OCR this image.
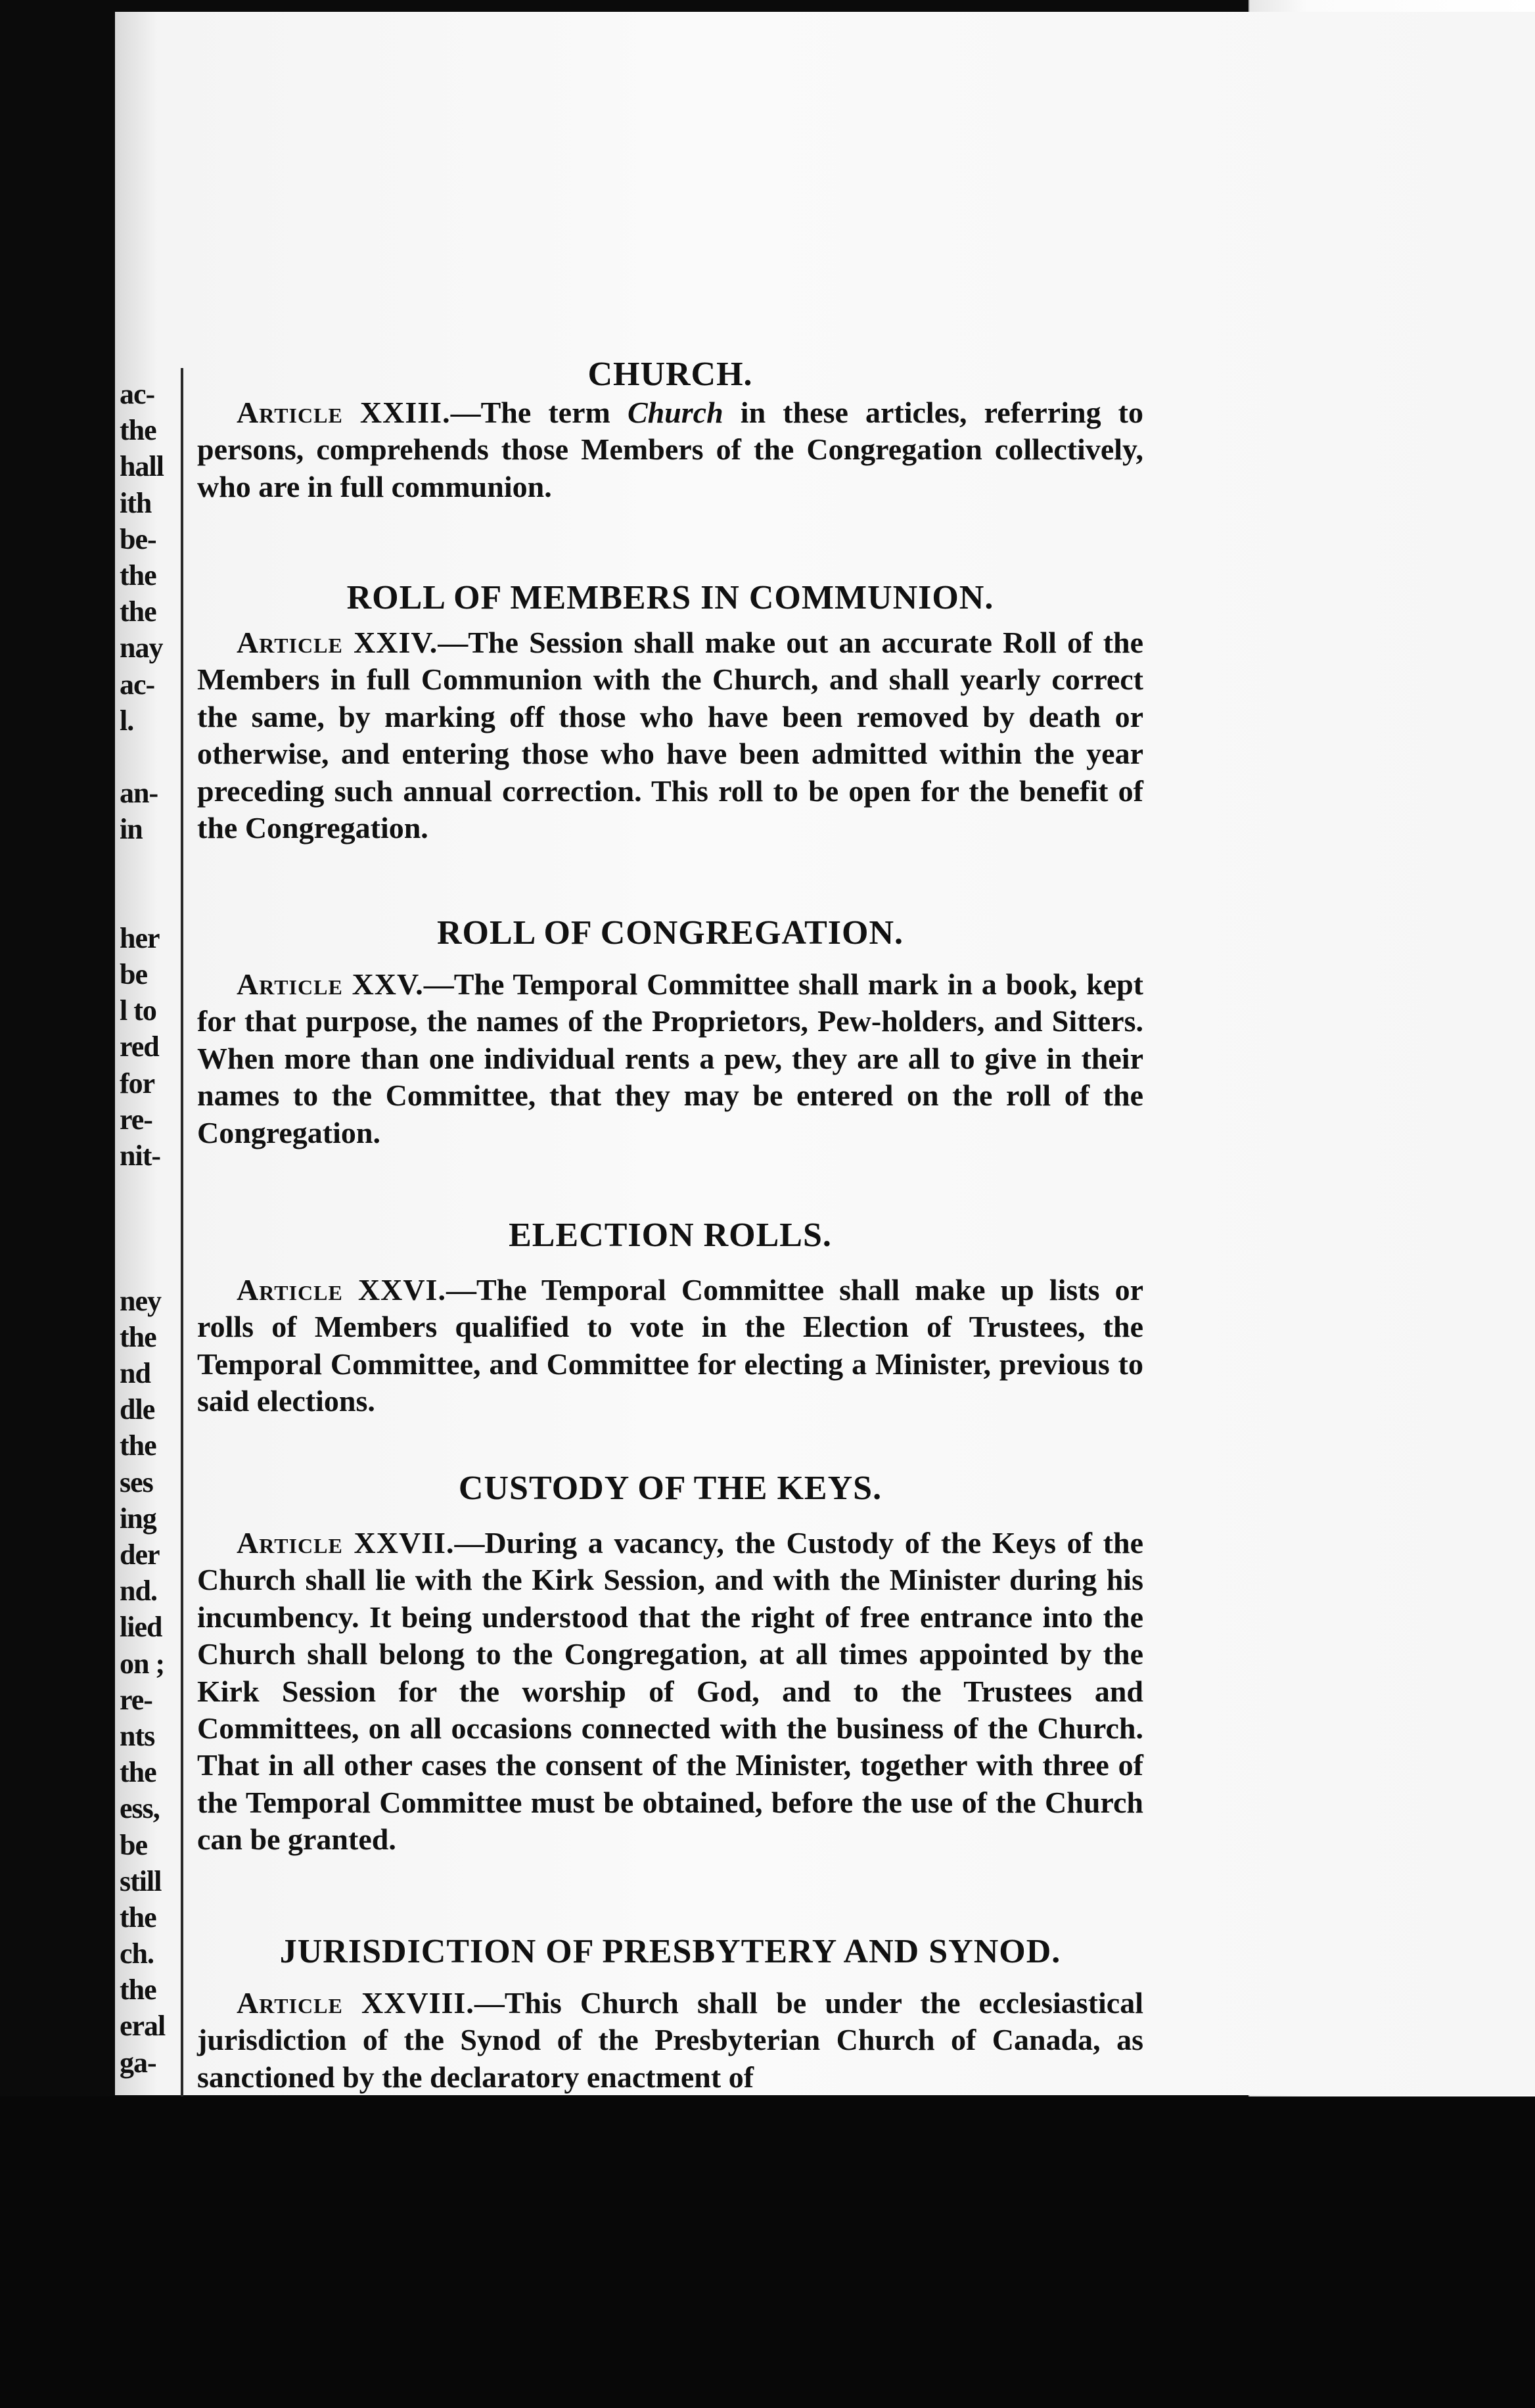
ac-
the
hall
ith
be-
the
the
nay
ac-
l.
an-
in
her
be
l to
red
for
re-
nit-
ney
the
nd
dle
the
ses
ing
der
nd.
lied
on ;
re-
nts
the
ess,
be
still
the
ch.
the
eral
ga-
CHURCH.

Article XXIII.—The term Church in these articles, referring to persons, comprehends those Members of the Congregation collectively, who are in full communion.

ROLL OF MEMBERS IN COMMUNION.

Article XXIV.—The Session shall make out an accurate Roll of the Members in full Communion with the Church, and shall yearly correct the same, by marking off those who have been removed by death or otherwise, and entering those who have been admitted within the year preceding such annual correction. This roll to be open for the benefit of the Congregation.

ROLL OF CONGREGATION.

Article XXV.—The Temporal Committee shall mark in a book, kept for that purpose, the names of the Proprietors, Pew-holders, and Sitters. When more than one individual rents a pew, they are all to give in their names to the Committee, that they may be entered on the roll of the Congregation.

ELECTION ROLLS.

Article XXVI.—The Temporal Committee shall make up lists or rolls of Members qualified to vote in the Election of Trustees, the Temporal Committee, and Committee for electing a Minister, previous to said elections.

CUSTODY OF THE KEYS.

Article XXVII.—During a vacancy, the Custody of the Keys of the Church shall lie with the Kirk Session, and with the Minister during his incumbency. It being understood that the right of free entrance into the Church shall belong to the Congregation, at all times appointed by the Kirk Session for the worship of God, and to the Trustees and Committees, on all occasions connected with the business of the Church. That in all other cases the consent of the Minister, together with three of the Temporal Committee must be obtained, before the use of the Church can be granted.

JURISDICTION OF PRESBYTERY AND SYNOD.

Article XXVIII.—This Church shall be under the ecclesiastical jurisdiction of the Synod of the Presbyterian Church of Canada, as sanctioned by the declaratory enactment of
